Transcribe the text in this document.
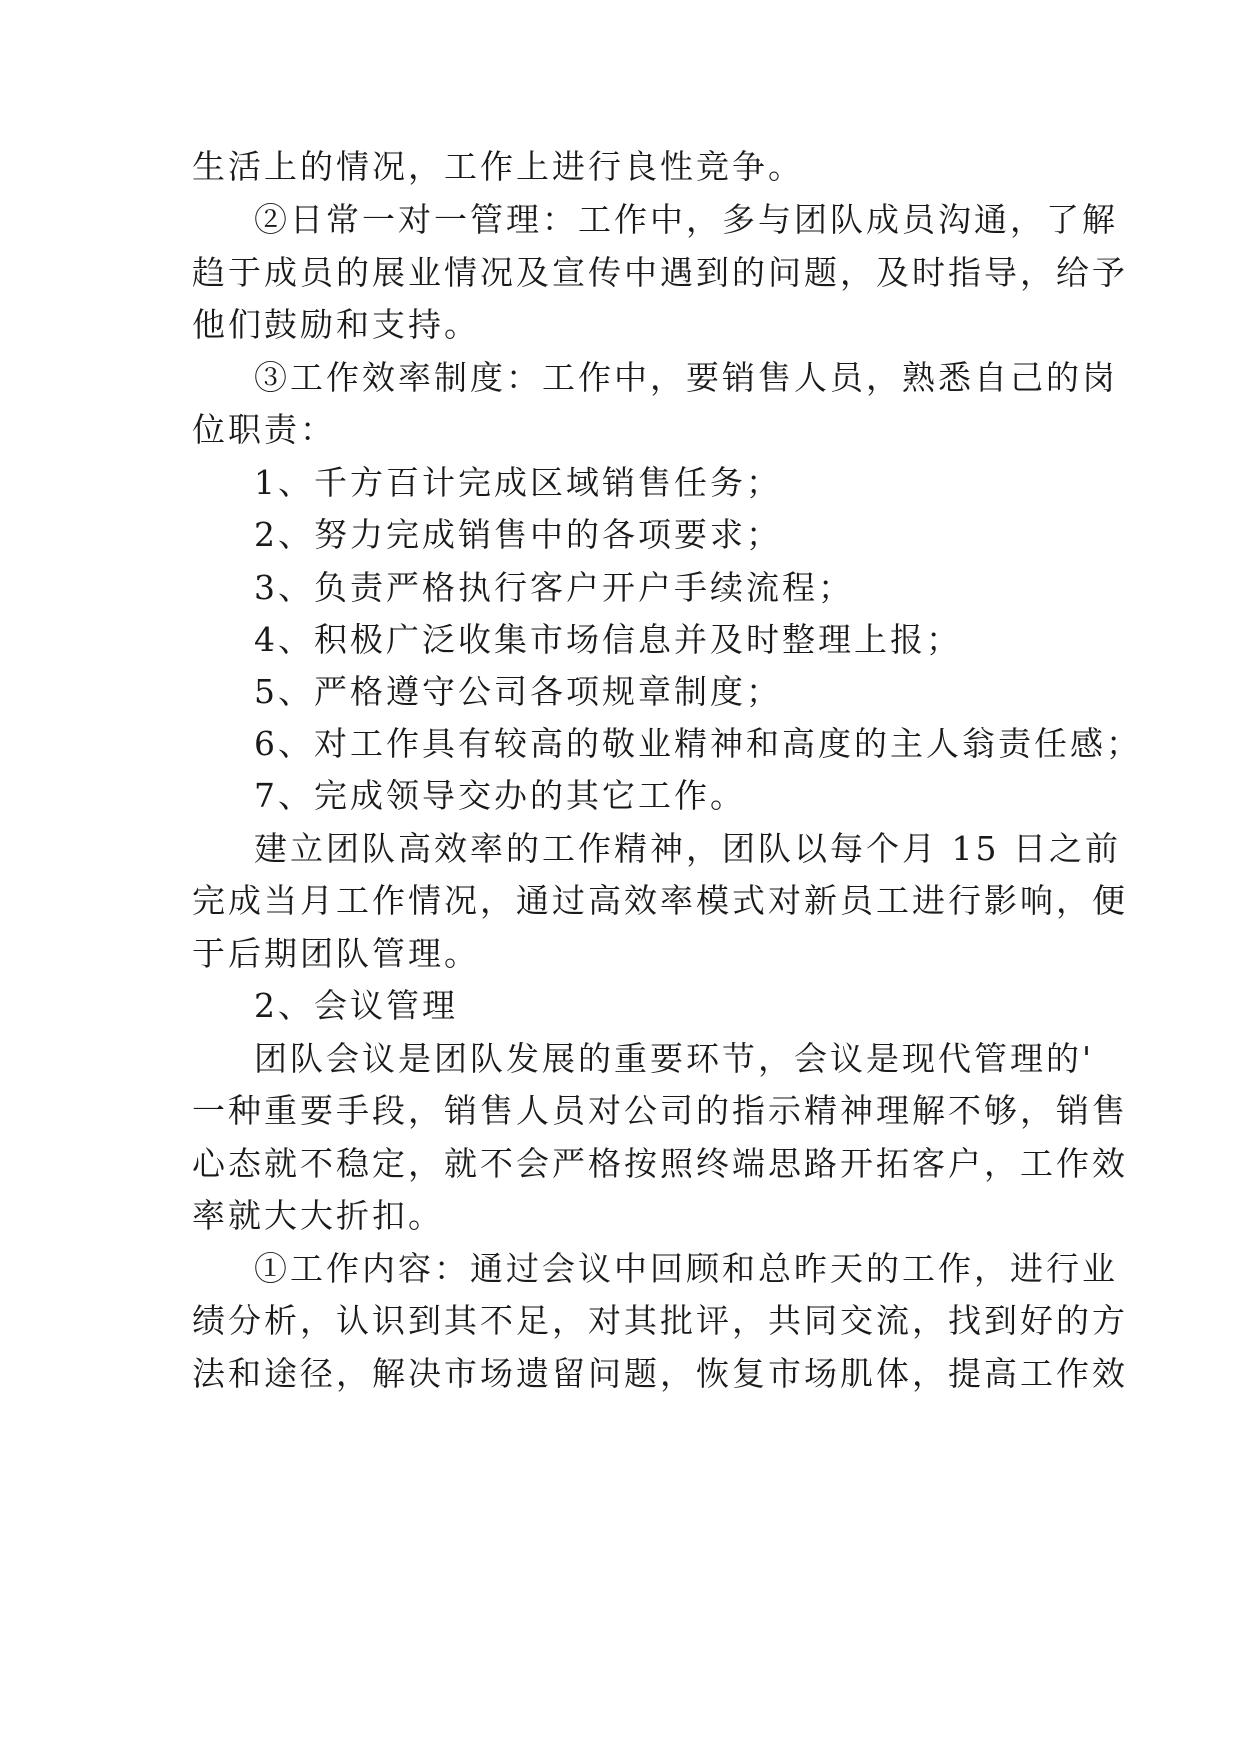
生活上的情况，工作上进行良性竞争。
②日常一对一管理：工作中，多与团队成员沟通，了解
趋于成员的展业情况及宣传中遇到的问题，及时指导，给予
他们鼓励和支持。
③工作效率制度：工作中，要销售人员，熟悉自己的岗
位职责：
1、千方百计完成区域销售任务；
2、努力完成销售中的各项要求；
3、负责严格执行客户开户手续流程；
4、积极广泛收集市场信息并及时整理上报；
5、严格遵守公司各项规章制度；
6、对工作具有较高的敬业精神和高度的主人翁责任感；
7、完成领导交办的其它工作。
建立团队高效率的工作精神，团队以每个月 15 日之前
完成当月工作情况，通过高效率模式对新员工进行影响，便
于后期团队管理。
2、会议管理
团队会议是团队发展的重要环节，会议是现代管理的'
一种重要手段，销售人员对公司的指示精神理解不够，销售
心态就不稳定，就不会严格按照终端思路开拓客户，工作效
率就大大折扣。
①工作内容：通过会议中回顾和总昨天的工作，进行业
绩分析，认识到其不足，对其批评，共同交流，找到好的方
法和途径，解决市场遗留问题，恢复市场肌体，提高工作效
